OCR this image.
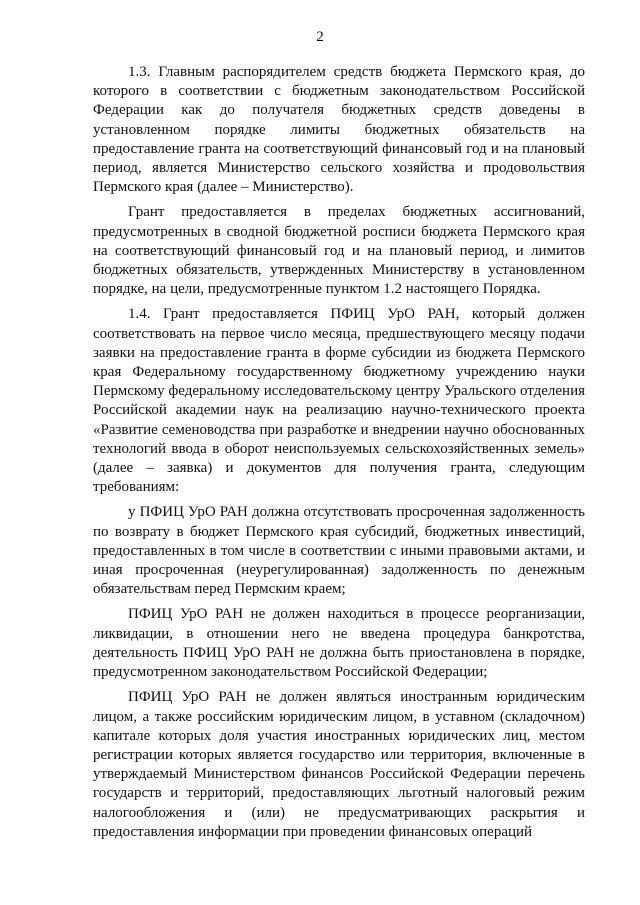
2

1.3. Главным распорядителем средств бюджета Пермского края, до которого в соответствии с бюджетным законодательством Российской Федерации как до получателя бюджетных средств доведены в установленном порядке лимиты бюджетных обязательств на предоставление гранта на соответствующий финансовый год и на плановый период, является Министерство сельского хозяйства и продовольствия Пермского края (далее – Министерство).

Грант предоставляется в пределах бюджетных ассигнований, предусмотренных в сводной бюджетной росписи бюджета Пермского края на соответствующий финансовый год и на плановый период, и лимитов бюджетных обязательств, утвержденных Министерству в установленном порядке, на цели, предусмотренные пунктом 1.2 настоящего Порядка.

1.4. Грант предоставляется ПФИЦ УрО РАН, который должен соответствовать на первое число месяца, предшествующего месяцу подачи заявки на предоставление гранта в форме субсидии из бюджета Пермского края Федеральному государственному бюджетному учреждению науки Пермскому федеральному исследовательскому центру Уральского отделения Российской академии наук на реализацию научно-технического проекта «Развитие семеноводства при разработке и внедрении научно обоснованных технологий ввода в оборот неиспользуемых сельскохозяйственных земель» (далее – заявка) и документов для получения гранта, следующим требованиям:

у ПФИЦ УрО РАН должна отсутствовать просроченная задолженность по возврату в бюджет Пермского края субсидий, бюджетных инвестиций, предоставленных в том числе в соответствии с иными правовыми актами, и иная просроченная (неурегулированная) задолженность по денежным обязательствам перед Пермским краем;

ПФИЦ УрО РАН не должен находиться в процессе реорганизации, ликвидации, в отношении него не введена процедура банкротства, деятельность ПФИЦ УрО РАН не должна быть приостановлена в порядке, предусмотренном законодательством Российской Федерации;

ПФИЦ УрО РАН не должен являться иностранным юридическим лицом, а также российским юридическим лицом, в уставном (складочном) капитале которых доля участия иностранных юридических лиц, местом регистрации которых является государство или территория, включенные в утверждаемый Министерством финансов Российской Федерации перечень государств и территорий, предоставляющих льготный налоговый режим налогообложения и (или) не предусматривающих раскрытия и предоставления информации при проведении финансовых операций
